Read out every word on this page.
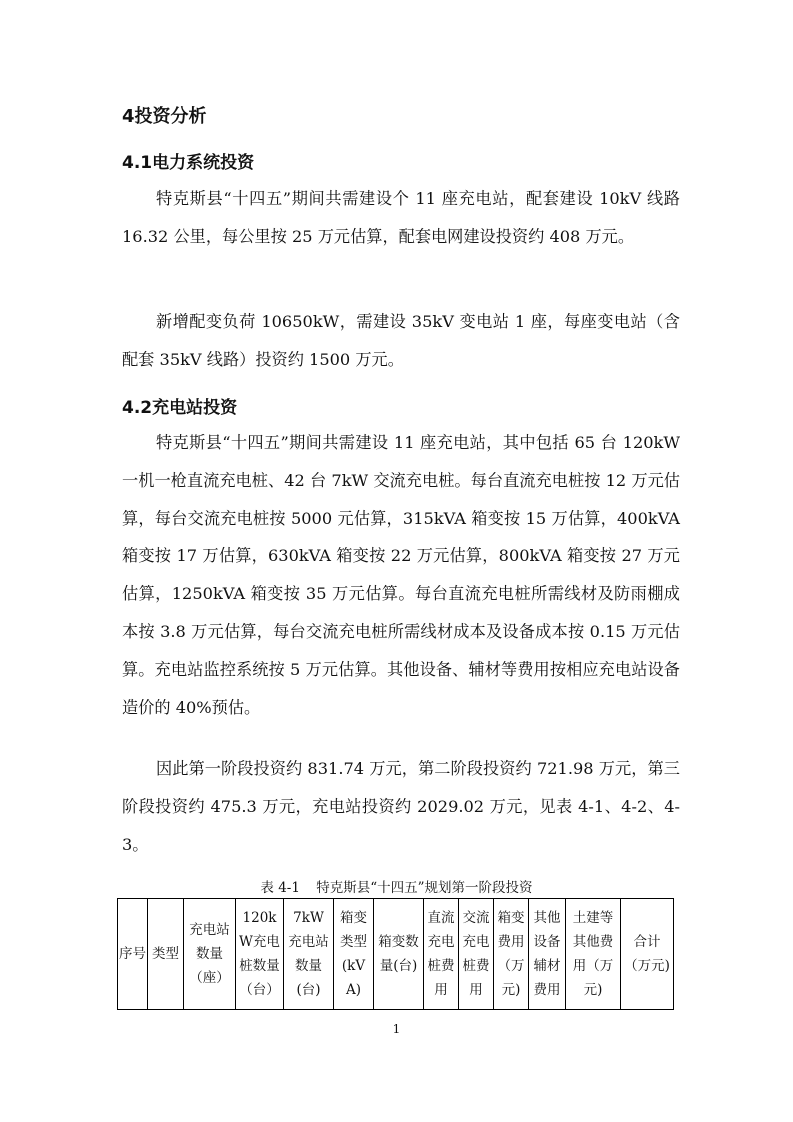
4投资分析
4.1电力系统投资

特克斯县“十四五”期间共需建设个 11 座充电站，配套建设 10kV 线路 16.32 公里，每公里按 25 万元估算，配套电网建设投资约 408 万元。

新增配变负荷 10650kW，需建设 35kV 变电站 1 座，每座变电站（含配套 35kV 线路）投资约 1500 万元。

4.2充电站投资

特克斯县“十四五”期间共需建设 11 座充电站，其中包括 65 台 120kW 一机一枪直流充电桩、42 台 7kW 交流充电桩。每台直流充电桩按 12 万元估算，每台交流充电桩按 5000 元估算，315kVA 箱变按 15 万估算，400kVA 箱变按 17 万估算，630kVA 箱变按 22 万元估算，800kVA 箱变按 27 万元估算，1250kVA 箱变按 35 万元估算。每台直流充电桩所需线材及防雨棚成本按 3.8 万元估算，每台交流充电桩所需线材成本及设备成本按 0.15 万元估算。充电站监控系统按 5 万元估算。其他设备、辅材等费用按相应充电站设备造价的 40%预估。

因此第一阶段投资约 831.74 万元，第二阶段投资约 721.98 万元，第三阶段投资约 475.3 万元，充电站投资约 2029.02 万元，见表 4-1、4-2、4-3。

表 4-1 特克斯县“十四五”规划第一阶段投资
序号	类型	充电站数量（座）	120kW充电桩数量（台）	7kW 充电站数量(台)	箱变类型(kVA)	箱变数量(台)	直流充电桩费用	交流充电桩费用	箱变费用（万元)	其他设备辅材费用	土建等其他费用（万元)	合计（万元)
1
